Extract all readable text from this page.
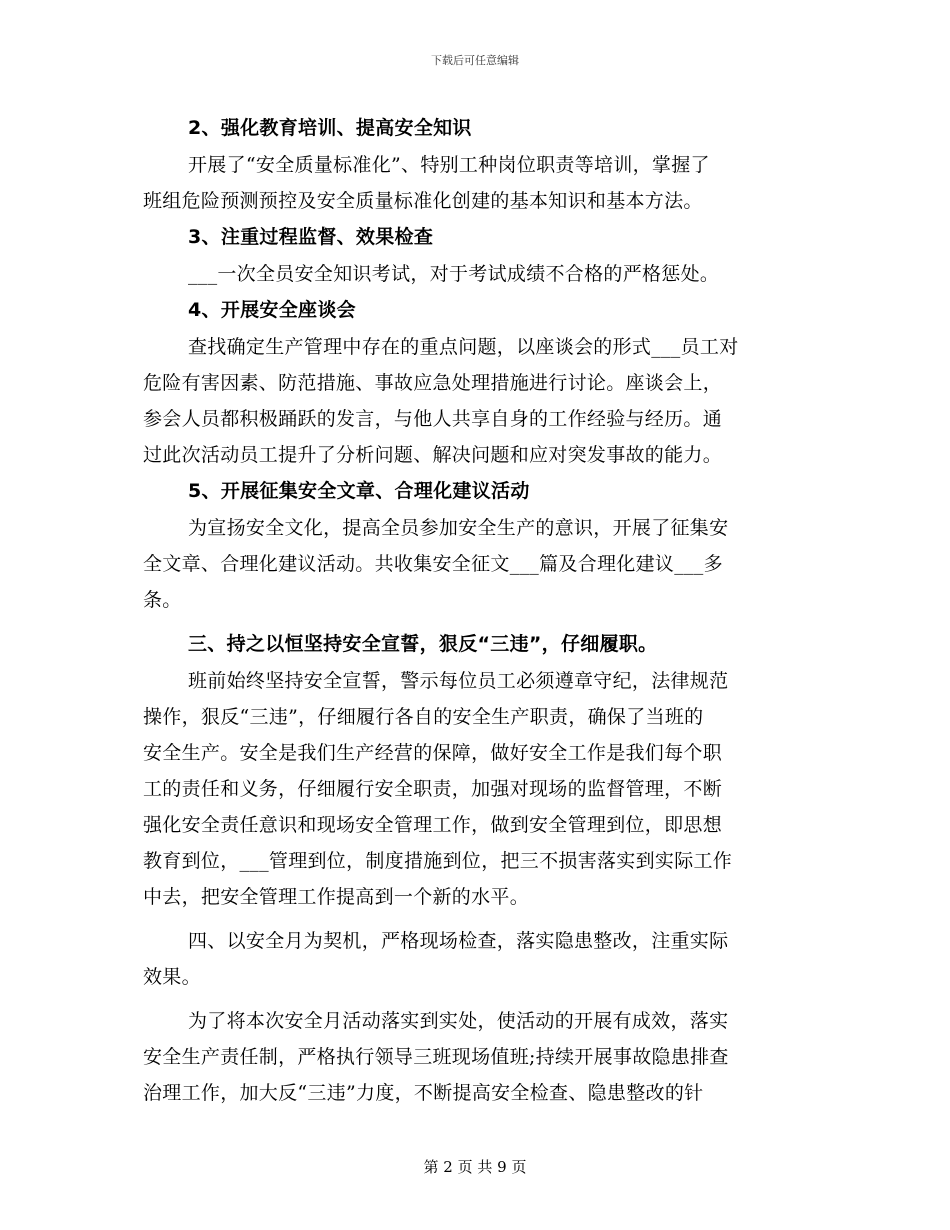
下载后可任意编辑
2、强化教育培训、提高安全知识
开展了“安全质量标准化”、特别工种岗位职责等培训，掌握了
班组危险预测预控及安全质量标准化创建的基本知识和基本方法。
3、注重过程监督、效果检查
___一次全员安全知识考试，对于考试成绩不合格的严格惩处。
4、开展安全座谈会
查找确定生产管理中存在的重点问题，以座谈会的形式___员工对
危险有害因素、防范措施、事故应急处理措施进行讨论。座谈会上，
参会人员都积极踊跃的发言，与他人共享自身的工作经验与经历。通
过此次活动员工提升了分析问题、解决问题和应对突发事故的能力。
5、开展征集安全文章、合理化建议活动
为宣扬安全文化，提高全员参加安全生产的意识，开展了征集安
全文章、合理化建议活动。共收集安全征文___篇及合理化建议___多
条。
三、持之以恒坚持安全宣誓，狠反“三违”，仔细履职。
班前始终坚持安全宣誓，警示每位员工必须遵章守纪，法律规范
操作，狠反“三违”，仔细履行各自的安全生产职责，确保了当班的
安全生产。安全是我们生产经营的保障，做好安全工作是我们每个职
工的责任和义务，仔细履行安全职责，加强对现场的监督管理，不断
强化安全责任意识和现场安全管理工作，做到安全管理到位，即思想
教育到位，___管理到位，制度措施到位，把三不损害落实到实际工作
中去，把安全管理工作提高到一个新的水平。
四、以安全月为契机，严格现场检查，落实隐患整改，注重实际
效果。
为了将本次安全月活动落实到实处，使活动的开展有成效，落实
安全生产责任制，严格执行领导三班现场值班;持续开展事故隐患排查
治理工作，加大反“三违”力度，不断提高安全检查、隐患整改的针
第 2 页 共 9 页
